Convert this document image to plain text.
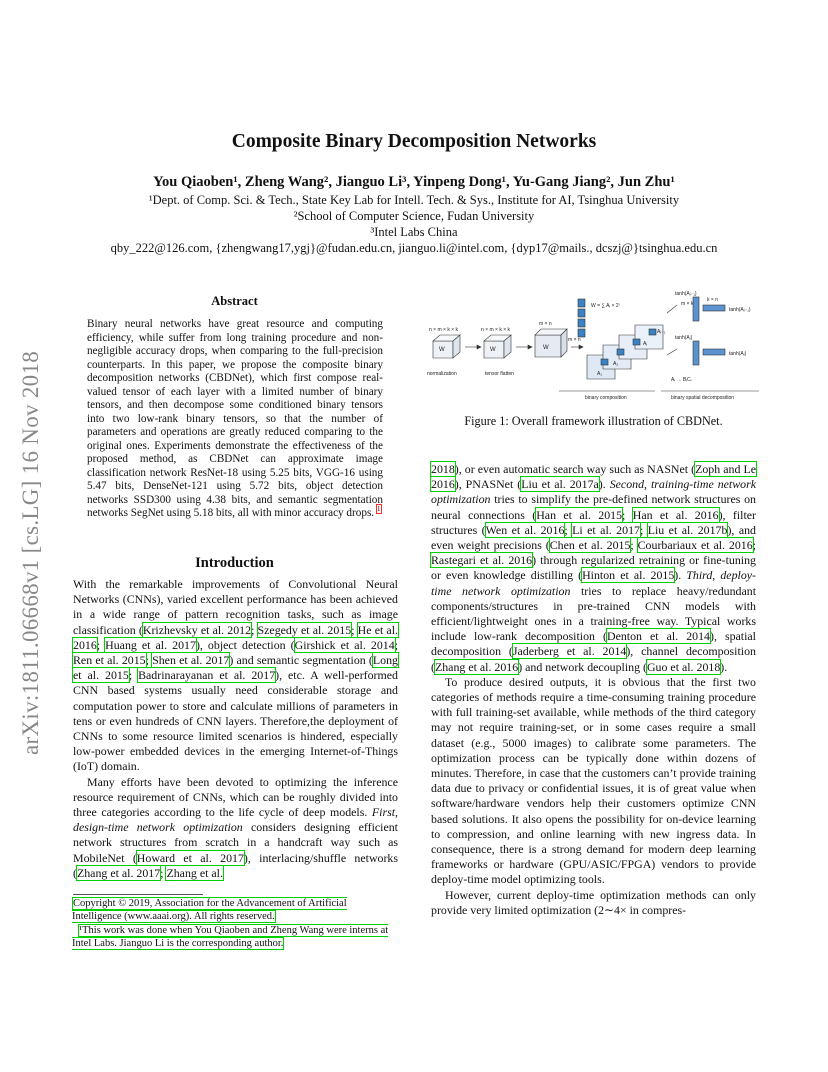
arXiv:1811.06668v1 [cs.LG] 16 Nov 2018
Composite Binary Decomposition Networks
You Qiaoben¹, Zheng Wang², Jianguo Li³, Yinpeng Dong¹, Yu-Gang Jiang², Jun Zhu¹
¹Dept. of Comp. Sci. & Tech., State Key Lab for Intell. Tech. & Sys., Institute for AI, Tsinghua University
²School of Computer Science, Fudan University
³Intel Labs China
qby_222@126.com, {zhengwang17,ygj}@fudan.edu.cn, jianguo.li@intel.com, {dyp17@mails., dcszj@}tsinghua.edu.cn
Abstract
Binary neural networks have great resource and computing efficiency, while suffer from long training procedure and non-negligible accuracy drops, when comparing to the full-precision counterparts. In this paper, we propose the composite binary decomposition networks (CBDNet), which first compose real-valued tensor of each layer with a limited number of binary tensors, and then decompose some conditioned binary tensors into two low-rank binary tensors, so that the number of parameters and operations are greatly reduced comparing to the original ones. Experiments demonstrate the effectiveness of the proposed method, as CBDNet can approximate image classification network ResNet-18 using 5.25 bits, VGG-16 using 5.47 bits, DenseNet-121 using 5.72 bits, object detection networks SSD300 using 4.38 bits, and semantic segmentation networks SegNet using 5.18 bits, all with minor accuracy drops. $^1$
n × m × k × k	n × m × k × k
m × n
m × n
W	W	W
W = ∑ Aᵢ × 2ⁱ
A₁
A₂
Aⱼ
Aⱼ₋₁
Aᵢ → BᵢCᵢ
tanh(Aⱼ₋₁)
tanh(Aⱼ₋₁)
tanh(Aⱼ)
tanh(Aⱼ)
m × k
k × n
normalization	tensor flatten
binary composition	binary spatial decomposition
Figure 1: Overall framework illustration of CBDNet.
Introduction

With the remarkable improvements of Convolutional Neural Networks (CNNs), varied excellent performance has been achieved in a wide range of pattern recognition tasks, such as image classification (Krizhevsky et al. 2012; Szegedy et al. 2015; He et al. 2016; Huang et al. 2017), object detection (Girshick et al. 2014; Ren et al. 2015; Shen et al. 2017) and semantic segmentation (Long et al. 2015; Badrinarayanan et al. 2017), etc. A well-performed CNN based systems usually need considerable storage and computation power to store and calculate millions of parameters in tens or even hundreds of CNN layers. Therefore,the deployment of CNNs to some resource limited scenarios is hindered, especially low-power embedded devices in the emerging Internet-of-Things (IoT) domain.

Many efforts have been devoted to optimizing the inference resource requirement of CNNs, which can be roughly divided into three categories according to the life cycle of deep models. First, design-time network optimization considers designing efficient network structures from scratch in a handcraft way such as MobileNet (Howard et al. 2017), interlacing/shuffle networks (Zhang et al. 2017; Zhang et al.

Copyright © 2019, Association for the Advancement of Artificial Intelligence (www.aaai.org). All rights reserved.
¹This work was done when You Qiaoben and Zheng Wang were interns at Intel Labs. Jianguo Li is the corresponding author.

2018), or even automatic search way such as NASNet (Zoph and Le 2016), PNASNet (Liu et al. 2017a). Second, training-time network optimization tries to simplify the pre-defined network structures on neural connections (Han et al. 2015; Han et al. 2016), filter structures (Wen et al. 2016; Li et al. 2017; Liu et al. 2017b), and even weight precisions (Chen et al. 2015; Courbariaux et al. 2016; Rastegari et al. 2016) through regularized retraining or fine-tuning or even knowledge distilling (Hinton et al. 2015). Third, deploy-time network optimization tries to replace heavy/redundant components/structures in pre-trained CNN models with efficient/lightweight ones in a training-free way. Typical works include low-rank decomposition (Denton et al. 2014), spatial decomposition (Jaderberg et al. 2014), channel decomposition (Zhang et al. 2016) and network decoupling (Guo et al. 2018).

To produce desired outputs, it is obvious that the first two categories of methods require a time-consuming training procedure with full training-set available, while methods of the third category may not require training-set, or in some cases require a small dataset (e.g., 5000 images) to calibrate some parameters. The optimization process can be typically done within dozens of minutes. Therefore, in case that the customers can’t provide training data due to privacy or confidential issues, it is of great value when software/hardware vendors help their customers optimize CNN based solutions. It also opens the possibility for on-device learning to compression, and online learning with new ingress data. In consequence, there is a strong demand for modern deep learning frameworks or hardware (GPU/ASIC/FPGA) vendors to provide deploy-time model optimizing tools.

However, current deploy-time optimization methods can only provide very limited optimization (2∼4× in compres-
